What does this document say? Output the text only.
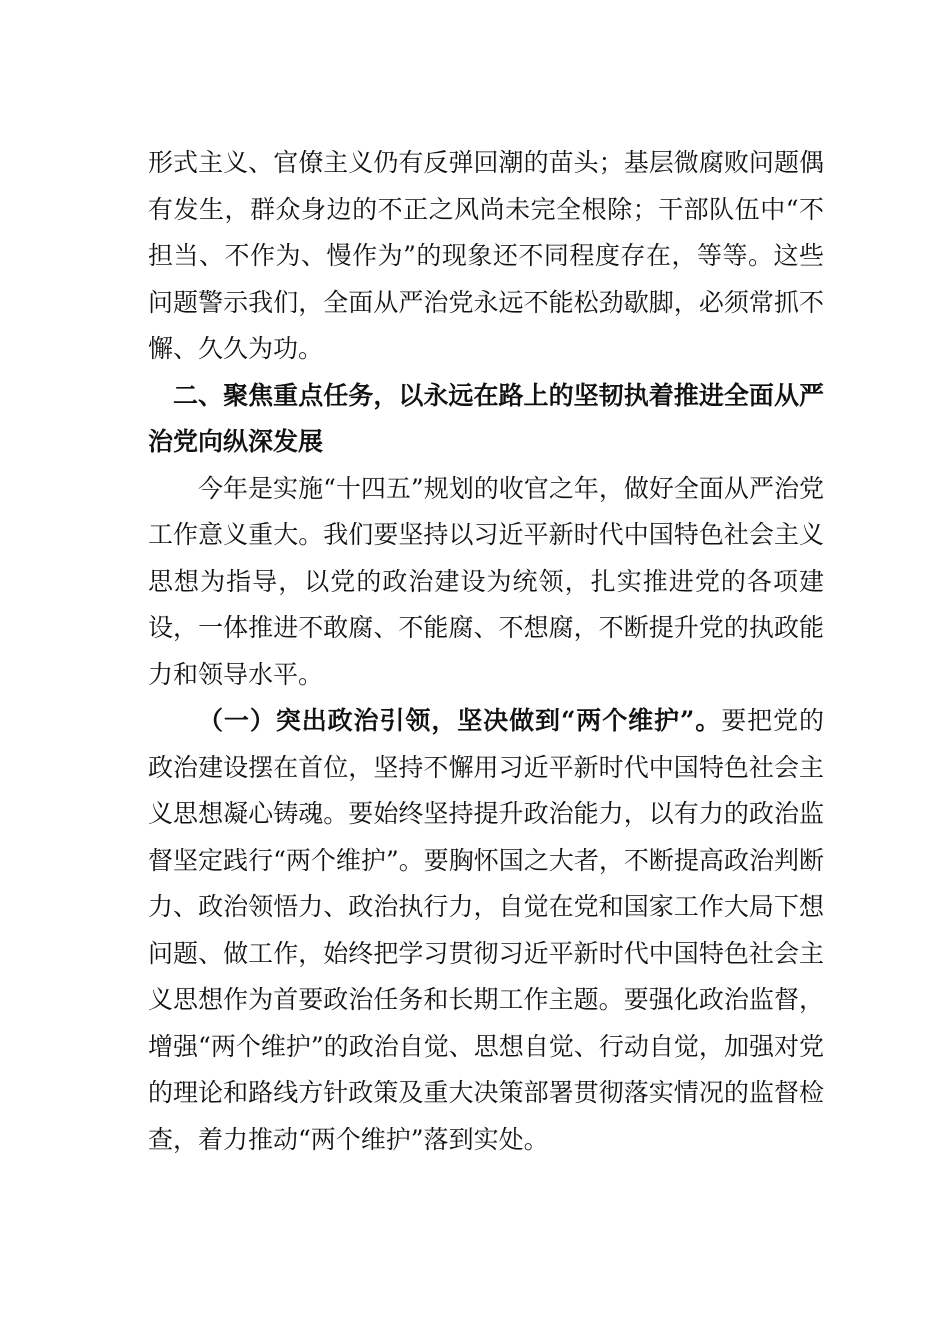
形式主义、官僚主义仍有反弹回潮的苗头；基层微腐败问题偶有发生，群众身边的不正之风尚未完全根除；干部队伍中“不担当、不作为、慢作为”的现象还不同程度存在，等等。这些问题警示我们，全面从严治党永远不能松劲歇脚，必须常抓不懈、久久为功。

二、聚焦重点任务，以永远在路上的坚韧执着推进全面从严治党向纵深发展

今年是实施“十四五”规划的收官之年，做好全面从严治党工作意义重大。我们要坚持以习近平新时代中国特色社会主义思想为指导，以党的政治建设为统领，扎实推进党的各项建设，一体推进不敢腐、不能腐、不想腐，不断提升党的执政能力和领导水平。

（一）突出政治引领，坚决做到“两个维护”。要把党的政治建设摆在首位，坚持不懈用习近平新时代中国特色社会主义思想凝心铸魂。要始终坚持提升政治能力，以有力的政治监督坚定践行“两个维护”。要胸怀国之大者，不断提高政治判断力、政治领悟力、政治执行力，自觉在党和国家工作大局下想问题、做工作，始终把学习贯彻习近平新时代中国特色社会主义思想作为首要政治任务和长期工作主题。要强化政治监督，增强“两个维护”的政治自觉、思想自觉、行动自觉，加强对党的理论和路线方针政策及重大决策部署贯彻落实情况的监督检查，着力推动“两个维护”落到实处。
